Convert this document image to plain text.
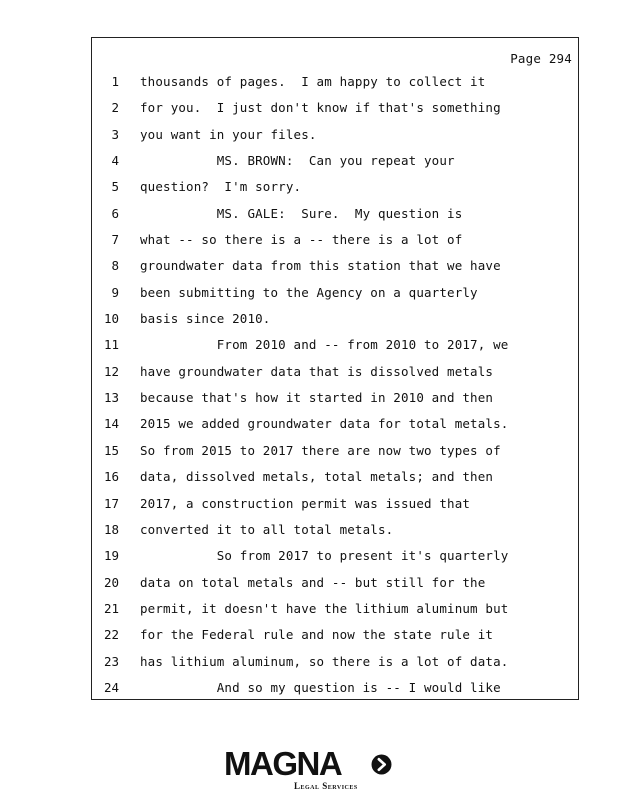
Page 294
1 thousands of pages.  I am happy to collect it
2 for you.  I just don't know if that's something
3 you want in your files.
4 MS. BROWN:  Can you repeat your
5 question?  I'm sorry.
6 MS. GALE:  Sure.  My question is
7 what -- so there is a -- there is a lot of
8 groundwater data from this station that we have
9 been submitting to the Agency on a quarterly
10 basis since 2010.
11 From 2010 and -- from 2010 to 2017, we
12 have groundwater data that is dissolved metals
13 because that's how it started in 2010 and then
14 2015 we added groundwater data for total metals.
15 So from 2015 to 2017 there are now two types of
16 data, dissolved metals, total metals; and then
17 2017, a construction permit was issued that
18 converted it to all total metals.
19 So from 2017 to present it's quarterly
20 data on total metals and -- but still for the
21 permit, it doesn't have the lithium aluminum but
22 for the Federal rule and now the state rule it
23 has lithium aluminum, so there is a lot of data.
24 And so my question is -- I would like
MAGNA
Legal Services
